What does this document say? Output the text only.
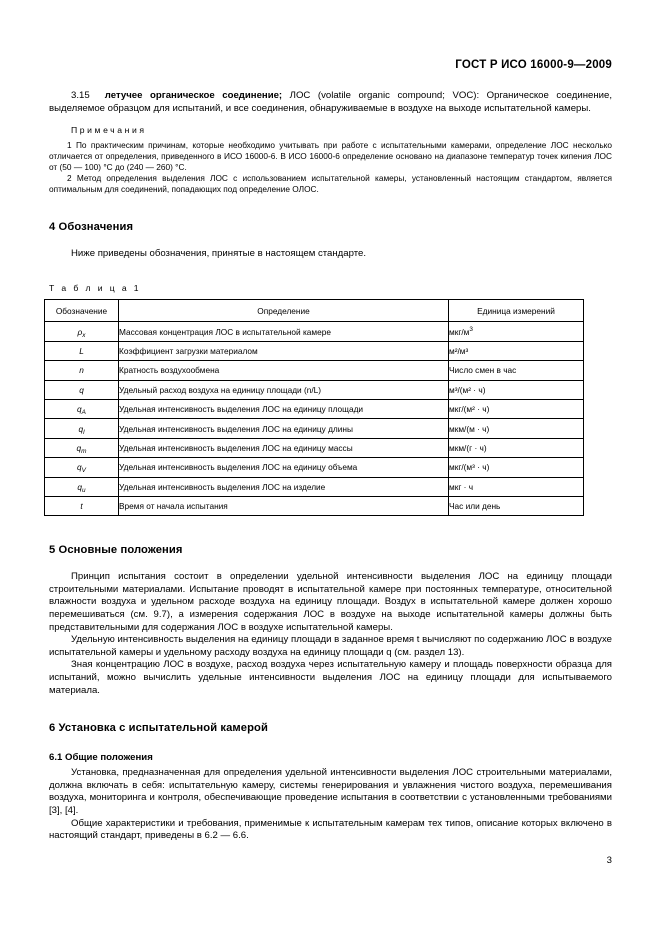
ГОСТ Р ИСО 16000-9—2009

3.15 летучее органическое соединение; ЛОС (volatile organic compound; VOC): Органическое соединение, выделяемое образцом для испытаний, и все соединения, обнаруживаемые в воздухе на выходе испытательной камеры.

Примечания

1 По практическим причинам, которые необходимо учитывать при работе с испытательными камерами, определение ЛОС несколько отличается от определения, приведенного в ИСО 16000-6. В ИСО 16000-6 определение основано на диапазоне температур точек кипения ЛОС от (50 — 100) °С до (240 — 260) °С.

2 Метод определения выделения ЛОС с использованием испытательной камеры, установленный настоящим стандартом, является оптимальным для соединений, попадающих под определение ОЛОС.

4 Обозначения

Ниже приведены обозначения, принятые в настоящем стандарте.

Т а б л и ц а 1
Обозначение	Определение	Единица измерений
$\rho_x$	Массовая концентрация ЛОС в испытательной камере	мкг/$м^3$
L	Коэффициент загрузки материалом	м²/м³
n	Кратность воздухообмена	Число смен в час
q	Удельный расход воздуха на единицу площади (n/L)	м³/(м² · ч)
$q_A$	Удельная интенсивность выделения ЛОС на единицу площади	мкг/(м² · ч)
$q_l$	Удельная интенсивность выделения ЛОС на единицу длины	мкм/(м · ч)
$q_m$	Удельная интенсивность выделения ЛОС на единицу массы	мкм/(г · ч)
$q_V$	Удельная интенсивность выделения ЛОС на единицу объема	мкг/(м³ · ч)
$q_u$	Удельная интенсивность выделения ЛОС на изделие	мкг · ч
t	Время от начала испытания	Час или день
5 Основные положения

Принцип испытания состоит в определении удельной интенсивности выделения ЛОС на единицу площади строительными материалами. Испытание проводят в испытательной камере при постоянных температуре, относительной влажности воздуха и удельном расходе воздуха на единицу площади. Воздух в испытательной камере должен хорошо перемешиваться (см. 9.7), а измерения содержания ЛОС в воздухе на выходе испытательной камеры должны быть представительными для содержания ЛОС в воздухе испытательной камеры.

Удельную интенсивность выделения на единицу площади в заданное время t вычисляют по содержанию ЛОС в воздухе испытательной камеры и удельному расходу воздуха на единицу площади q (см. раздел 13).

Зная концентрацию ЛОС в воздухе, расход воздуха через испытательную камеру и площадь поверхности образца для испытаний, можно вычислить удельные интенсивности выделения ЛОС на единицу площади для испытываемого материала.

6 Установка с испытательной камерой
6.1 Общие положения

Установка, предназначенная для определения удельной интенсивности выделения ЛОС строительными материалами, должна включать в себя: испытательную камеру, системы генерирования и увлажнения чистого воздуха, перемешивания воздуха, мониторинга и контроля, обеспечивающие проведение испытания в соответствии с установленными требованиями [3], [4].

Общие характеристики и требования, применимые к испытательным камерам тех типов, описание которых включено в настоящий стандарт, приведены в 6.2 — 6.6.

3
